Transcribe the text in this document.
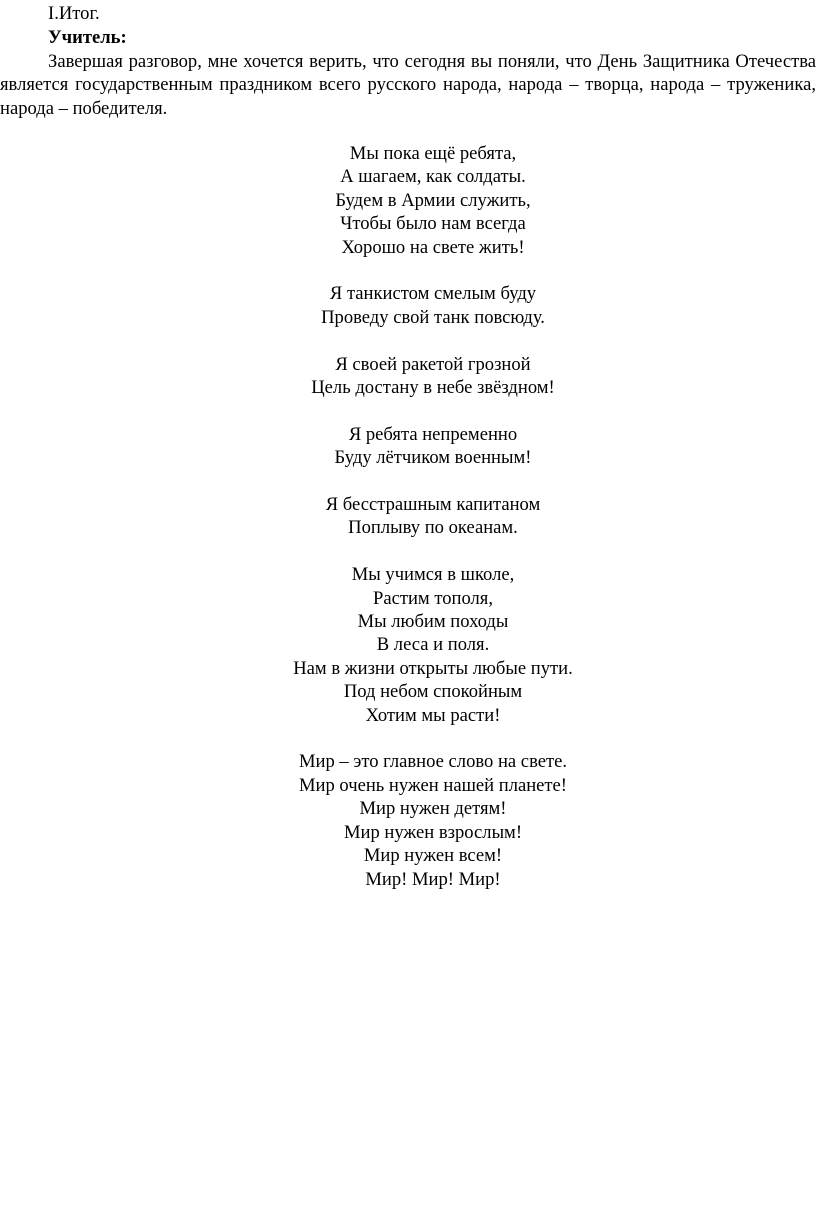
I.Итог.
Учитель:

Завершая разговор, мне хочется верить, что сегодня вы поняли, что День Защитника Отечества является государственным праздником всего русского народа, народа – творца, народа – труженика, народа – победителя.

Мы пока ещё ребята,
А шагаем, как солдаты.
Будем в Армии служить,
Чтобы было нам всегда
Хорошо на свете жить!
Я танкистом смелым буду
Проведу свой танк повсюду.
Я своей ракетой грозной
Цель достану в небе звёздном!
Я ребята непременно
Буду лётчиком военным!
Я бесстрашным капитаном
Поплыву по океанам.
Мы учимся в школе,
Растим тополя,
Мы любим походы
В леса и поля.
Нам в жизни открыты любые пути.
Под небом спокойным
Хотим мы расти!
Мир – это главное слово на свете.
Мир очень нужен нашей планете!
Мир нужен детям!
Мир нужен взрослым!
Мир нужен всем!
Мир! Мир! Мир!
